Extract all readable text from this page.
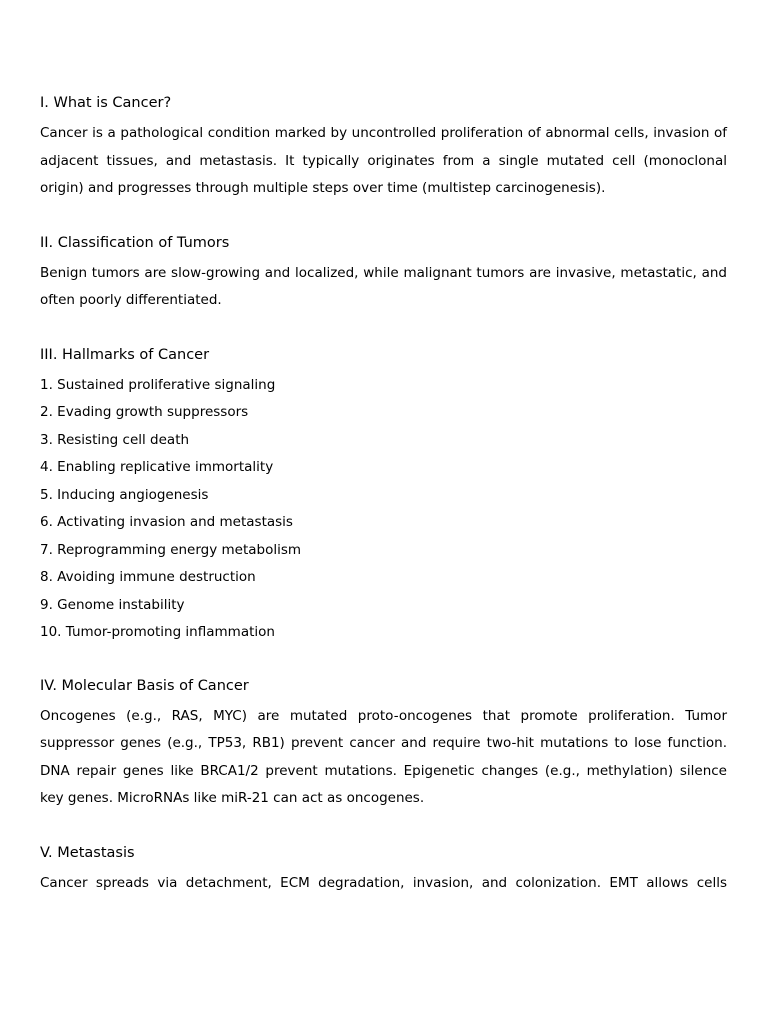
I. What is Cancer?

Cancer is a pathological condition marked by uncontrolled proliferation of abnormal cells, invasion of adjacent tissues, and metastasis. It typically originates from a single mutated cell (monoclonal origin) and progresses through multiple steps over time (multistep carcinogenesis).

II. Classification of Tumors

Benign tumors are slow-growing and localized, while malignant tumors are invasive, metastatic, and often poorly differentiated.

III. Hallmarks of Cancer
1. Sustained proliferative signaling
2. Evading growth suppressors
3. Resisting cell death
4. Enabling replicative immortality
5. Inducing angiogenesis
6. Activating invasion and metastasis
7. Reprogramming energy metabolism
8. Avoiding immune destruction
9. Genome instability
10. Tumor-promoting inflammation
IV. Molecular Basis of Cancer

Oncogenes (e.g., RAS, MYC) are mutated proto-oncogenes that promote proliferation. Tumor suppressor genes (e.g., TP53, RB1) prevent cancer and require two-hit mutations to lose function. DNA repair genes like BRCA1/2 prevent mutations. Epigenetic changes (e.g., methylation) silence key genes. MicroRNAs like miR-21 can act as oncogenes.

V. Metastasis

Cancer spreads via detachment, ECM degradation, invasion, and colonization. EMT allows cells
